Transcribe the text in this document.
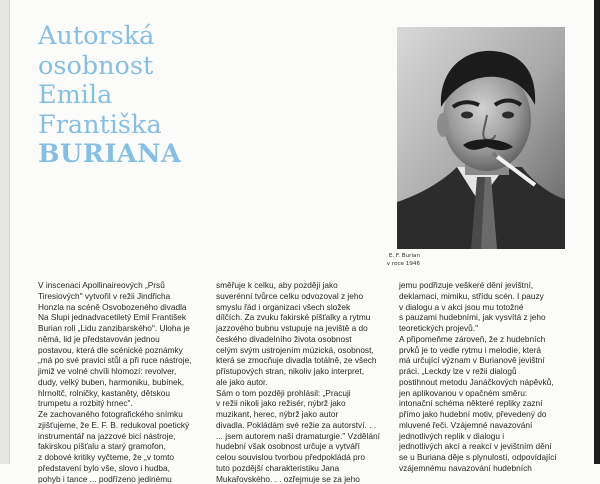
Autorská
osobnost
Emila
Františka
BURIANA
E. F. Burian
v roce 1946
V inscenaci Apollinaireových „Prsů
Tiresiových" vytvořil v režii Jindřicha
Honzla na scéně Osvobozeného divadla
Na Slupi jednadvacetiletý Emil František
Burian roli „Lidu zanzibarského". Uloha je
němá, lid je představován jednou
postavou, která dle scénické poznámky
„má po své pravici stůl a při ruce nástroje,
jimiž ve volné chvíli hlomozí: revolver,
dudy, velký buben, harmoniku, bubínek,
hlrnoltč, rolničky, kastaněty, dětskou
trumpetu a rozbitý hrnec".
Ze zachovaného fotografického snímku
zjišťujeme, že E. F. B. redukoval poetický
instrumentář na jazzové bicí nástroje,
fakirskou píšťalu a starý gramofon,
z dobové kritiky vyčteme, že „v tomto
představení bylo vše, slovo i hudba,
pohyb i tance ... podřízeno jedinému
směřuje k celku, aby později jako
suverénní tvůrce celku odvozoval z jeho
smyslu řád i organizaci všech složek
dílčích. Za zvuku fakirské píšťalky a rytmu
jazzového bubnu vstupuje na jeviště a do
českého divadelního života osobnost
celým svým ustrojením múzická, osobnost,
která se zmocňuje divadla totálně, ze všech
přístupových stran, nikoliv jako interpret,
ale jako autor.
Sám o tom později prohlásil: „Pracuji
v režii nikoli jako režisér, nýbrž jako
muzikant, herec, nýbrž jako autor
divadla. Pokládám své režie za autorství. . .
... jsem autorem naší dramaturgie." Vzdělání
hudební však osobnost určuje a vytváří
celou souvislou tvorbou předpokládá pro
tuto pozdější charakteristiku Jana
Mukařovského. . . ozřejmuje se za jeho
jemu podřizuje veškeré dění jevištní,
deklamaci, mimiku, střídu scén. I pauzy
v dialogu a v akci jsou mu totožné
s pauzami hudebními, jak vysvítá z jeho
teoretických projevů."
A připomeňme zároveň, že z hudebních
prvků je to vedle rytmu i melodie, která
má určující význam v Burianově jevištní
práci. „Leckdy lze v režii dialogů
postihnout metodu Janáčkových nápěvků,
jen aplikovanou v opačném směru:
intonační schéma některé repliky zazní
přímo jako hudební motiv, převedený do
mluvené řeči. Vzájemné navazování
jednotlivých replik v dialogu i
jednotlivých akcí a reakcí v jevištním dění
se u Buriana děje s plynulostí, odpovídající
vzájemnému navazování hudebních
